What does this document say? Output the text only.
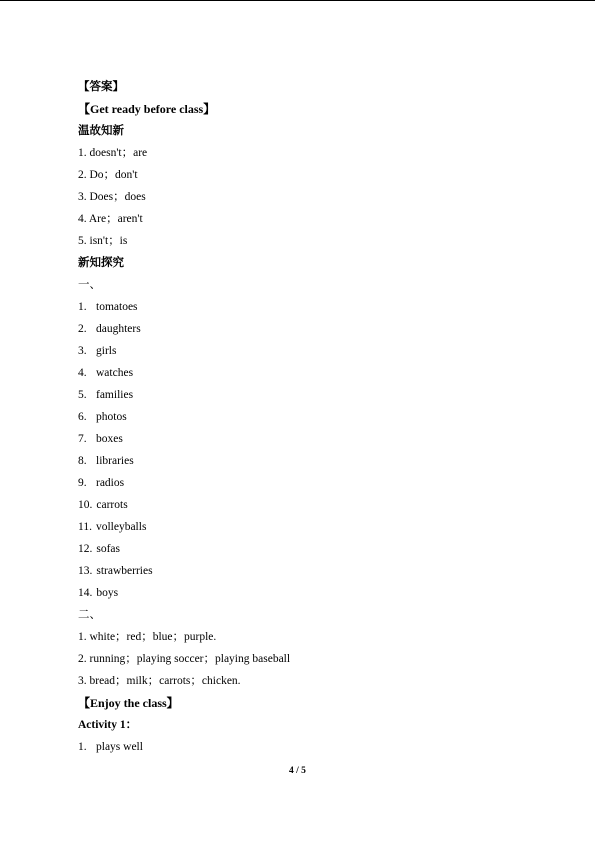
【答案】
【Get ready before class】
温故知新
1. doesn't；are
2. Do；don't
3. Does；does
4. Are；aren't
5. isn't；is
新知探究
一、
1. tomatoes
2. daughters
3. girls
4. watches
5. families
6. photos
7. boxes
8. libraries
9. radios
10. carrots
11. volleyballs
12. sofas
13. strawberries
14. boys
二、
1. white；red；blue；purple.
2. running；playing soccer；playing baseball
3. bread；milk；carrots；chicken.
【Enjoy the class】
Activity 1：
1. plays well
4 / 5
